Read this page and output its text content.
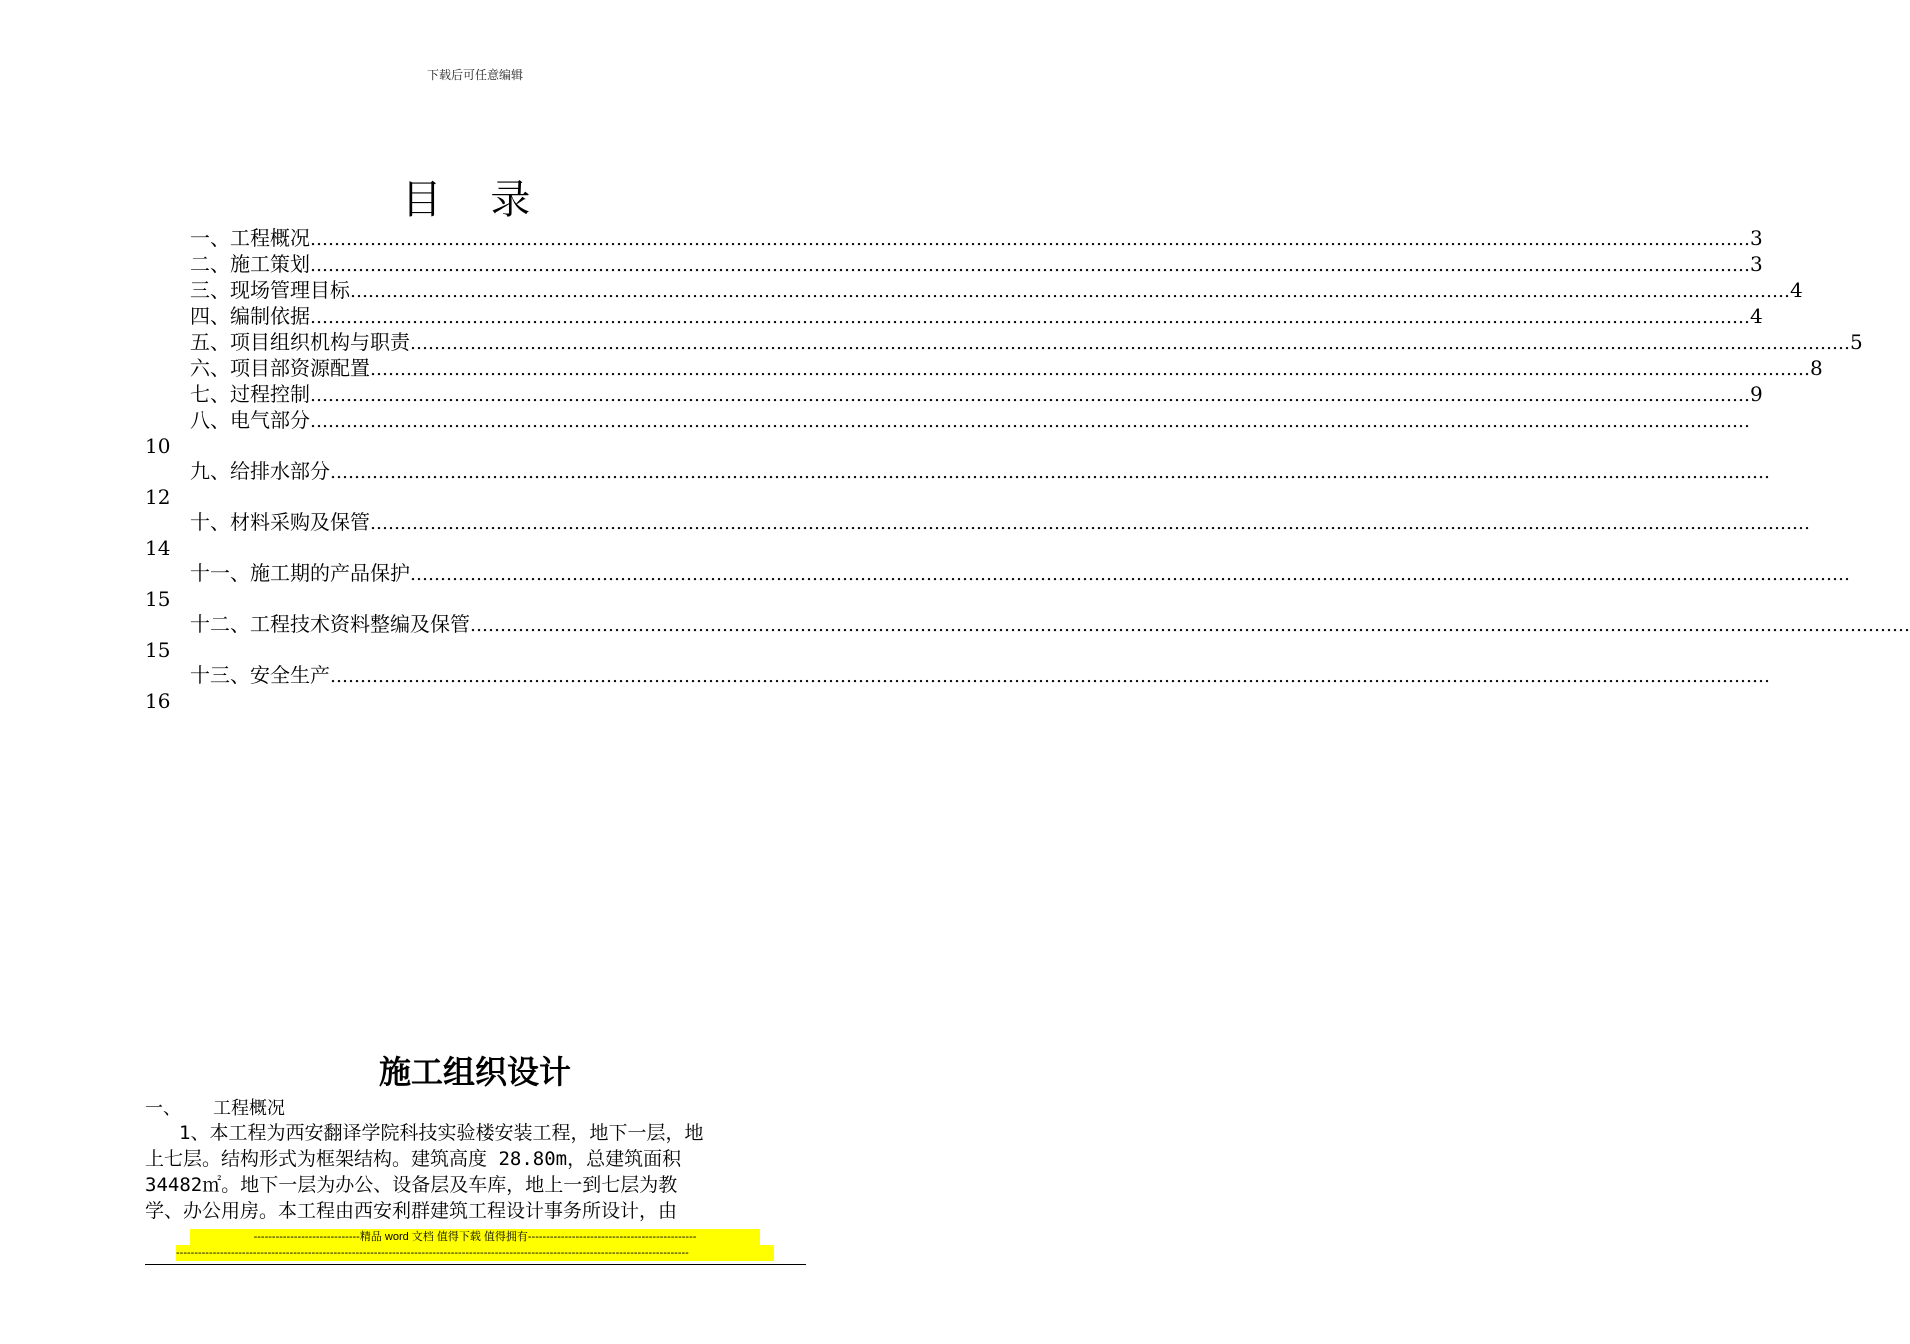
下载后可任意编辑
目 录
一、工程概况 …………………………………………………………………………………………………………………………………………………………………………………………………………………… 3
二、施工策划 …………………………………………………………………………………………………………………………………………………………………………………………………………………… 3
三、现场管理目标 …………………………………………………………………………………………………………………………………………………………………………………………………………………… 4
四、编制依据 …………………………………………………………………………………………………………………………………………………………………………………………………………………… 4
五、项目组织机构与职责 …………………………………………………………………………………………………………………………………………………………………………………………………………………… 5
六、项目部资源配置 …………………………………………………………………………………………………………………………………………………………………………………………………………………… 8
七、过程控制 …………………………………………………………………………………………………………………………………………………………………………………………………………………… 9
八、电气部分 ……………………………………………………………………………………………………………………………………………………………………………………………………………………
10
九、给排水部分 ……………………………………………………………………………………………………………………………………………………………………………………………………………………
12
十、材料采购及保管 ……………………………………………………………………………………………………………………………………………………………………………………………………………………
14
十一、施工期的产品保护 ……………………………………………………………………………………………………………………………………………………………………………………………………………………
15
十二、工程技术资料整编及保管 ……………………………………………………………………………………………………………………………………………………………………………………………………………………
15
十三、安全生产 ……………………………………………………………………………………………………………………………………………………………………………………………………………………
16
施工组织设计
一、 工程概况
1、本工程为西安翻译学院科技实验楼安装工程，地下一层，地
上七层。结构形式为框架结构。建筑高度 28.80m，总建筑面积
34482㎡。地下一层为办公、设备层及车库，地上一到七层为教
学、办公用房。本工程由西安利群建筑工程设计事务所设计，由
-----------------------------精品 word 文档 值得下载 值得拥有----------------------------------------------
--------------------------------------------------------------------------------------------------------------------------------------------
